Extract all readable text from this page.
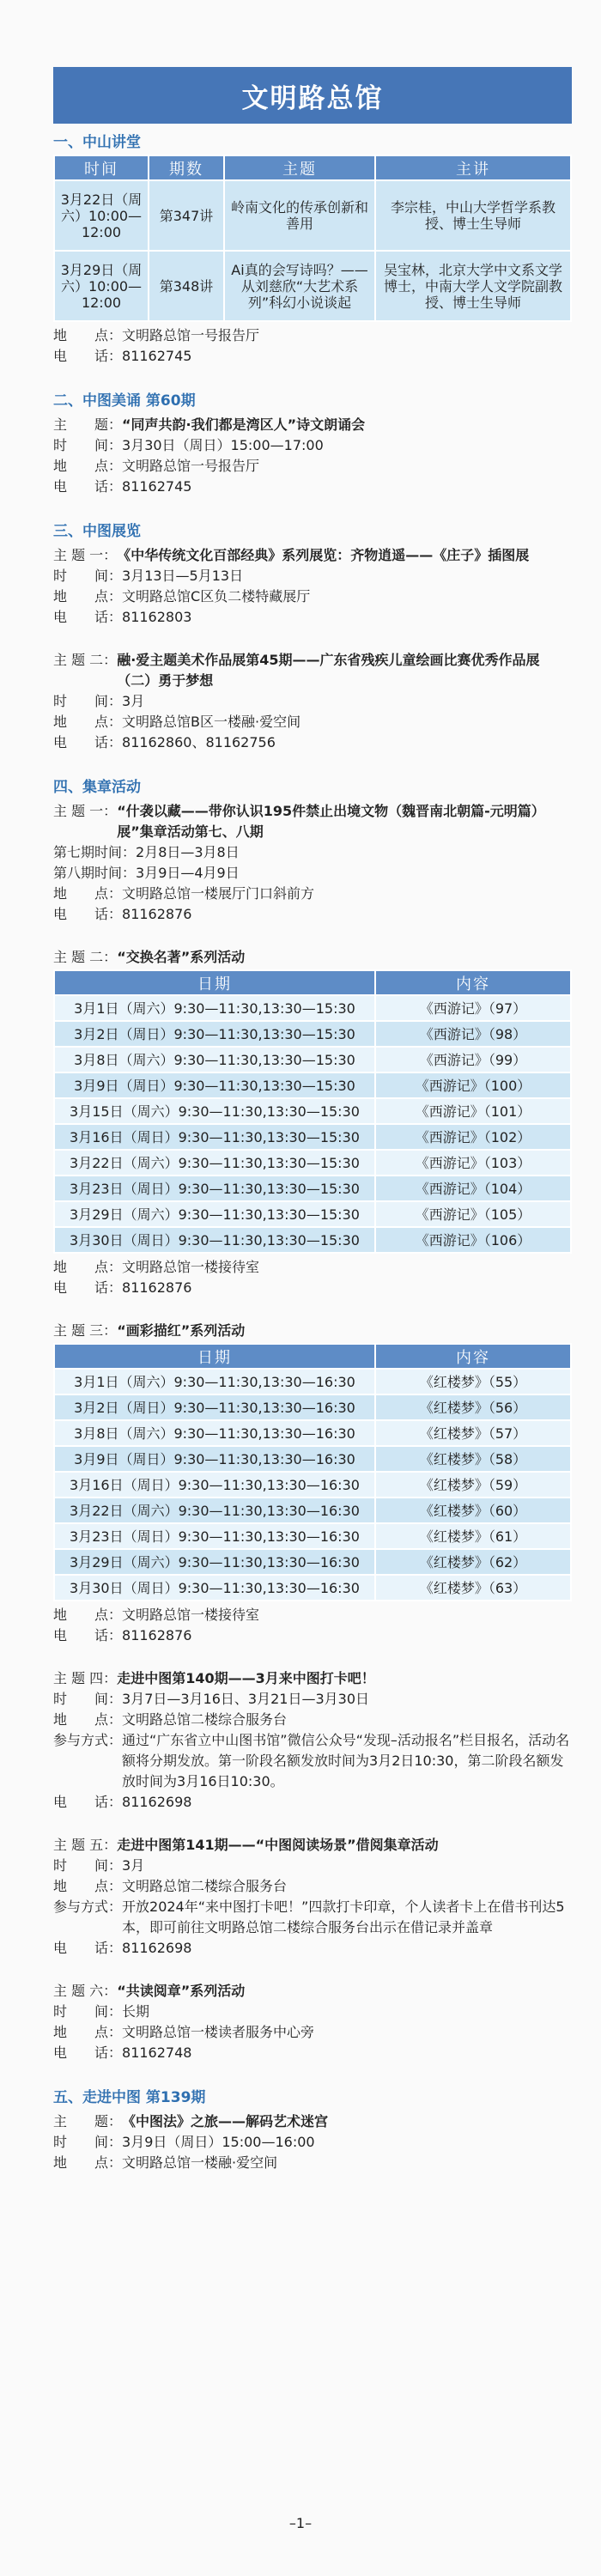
文明路总馆
一、中山讲堂
时间	期数	主题	主讲
3月22日（周六）10:00—12:00	第347讲	岭南文化的传承创新和善用	李宗桂，中山大学哲学系教授、博士生导师
3月29日（周六）10:00—12:00	第348讲	Ai真的会写诗吗？——从刘慈欣“大艺术系列”科幻小说谈起	吴宝林，北京大学中文系文学博士，中南大学人文学院副教授、博士生导师
地　　点： 文明路总馆一号报告厅
电　　话： 81162745
二、中图美诵 第60期
主　　题： “同声共韵·我们都是湾区人”诗文朗诵会
时　　间： 3月30日（周日）15:00—17:00
地　　点： 文明路总馆一号报告厅
电　　话： 81162745
三、中图展览
主 题 一： 《中华传统文化百部经典》系列展览：齐物逍遥——《庄子》插图展
时　　间： 3月13日—5月13日
地　　点： 文明路总馆C区负二楼特藏展厅
电　　话： 81162803
主 题 二： 融·爱主题美术作品展第45期——广东省残疾儿童绘画比赛优秀作品展（二）勇于梦想
时　　间： 3月
地　　点： 文明路总馆B区一楼融·爱空间
电　　话： 81162860、81162756
四、集章活动
主 题 一： “什袭以藏——带你认识195件禁止出境文物（魏晋南北朝篇-元明篇）展”集章活动第七、八期
第七期时间： 2月8日—3月8日
第八期时间： 3月9日—4月9日
地　　点： 文明路总馆一楼展厅门口斜前方
电　　话： 81162876
主 题 二： “交换名著”系列活动
日期	内容
3月1日（周六）9:30—11:30,13:30—15:30	《西游记》（97）
3月2日（周日）9:30—11:30,13:30—15:30	《西游记》（98）
3月8日（周六）9:30—11:30,13:30—15:30	《西游记》（99）
3月9日（周日）9:30—11:30,13:30—15:30	《西游记》（100）
3月15日（周六）9:30—11:30,13:30—15:30	《西游记》（101）
3月16日（周日）9:30—11:30,13:30—15:30	《西游记》（102）
3月22日（周六）9:30—11:30,13:30—15:30	《西游记》（103）
3月23日（周日）9:30—11:30,13:30—15:30	《西游记》（104）
3月29日（周六）9:30—11:30,13:30—15:30	《西游记》（105）
3月30日（周日）9:30—11:30,13:30—15:30	《西游记》（106）
地　　点： 文明路总馆一楼接待室
电　　话： 81162876
主 题 三： “画彩描红”系列活动
日期	内容
3月1日（周六）9:30—11:30,13:30—16:30	《红楼梦》（55）
3月2日（周日）9:30—11:30,13:30—16:30	《红楼梦》（56）
3月8日（周六）9:30—11:30,13:30—16:30	《红楼梦》（57）
3月9日（周日）9:30—11:30,13:30—16:30	《红楼梦》（58）
3月16日（周日）9:30—11:30,13:30—16:30	《红楼梦》（59）
3月22日（周六）9:30—11:30,13:30—16:30	《红楼梦》（60）
3月23日（周日）9:30—11:30,13:30—16:30	《红楼梦》（61）
3月29日（周六）9:30—11:30,13:30—16:30	《红楼梦》（62）
3月30日（周日）9:30—11:30,13:30—16:30	《红楼梦》（63）
地　　点： 文明路总馆一楼接待室
电　　话： 81162876
主 题 四： 走进中图第140期——3月来中图打卡吧！
时　　间： 3月7日—3月16日、3月21日—3月30日
地　　点： 文明路总馆二楼综合服务台
参与方式： 通过“广东省立中山图书馆”微信公众号“发现–活动报名”栏目报名，活动名额将分期发放。第一阶段名额发放时间为3月2日10:30，第二阶段名额发放时间为3月16日10:30。
电　　话： 81162698
主 题 五： 走进中图第141期——“中图阅读场景”借阅集章活动
时　　间： 3月
地　　点： 文明路总馆二楼综合服务台
参与方式： 开放2024年“来中图打卡吧！”四款打卡印章，个人读者卡上在借书刊达5本，即可前往文明路总馆二楼综合服务台出示在借记录并盖章
电　　话： 81162698
主 题 六： “共读阅章”系列活动
时　　间： 长期
地　　点： 文明路总馆一楼读者服务中心旁
电　　话： 81162748
五、走进中图 第139期
主　　题： 《中图法》之旅——解码艺术迷宫
时　　间： 3月9日（周日）15:00—16:00
地　　点： 文明路总馆一楼融·爱空间
–1–
